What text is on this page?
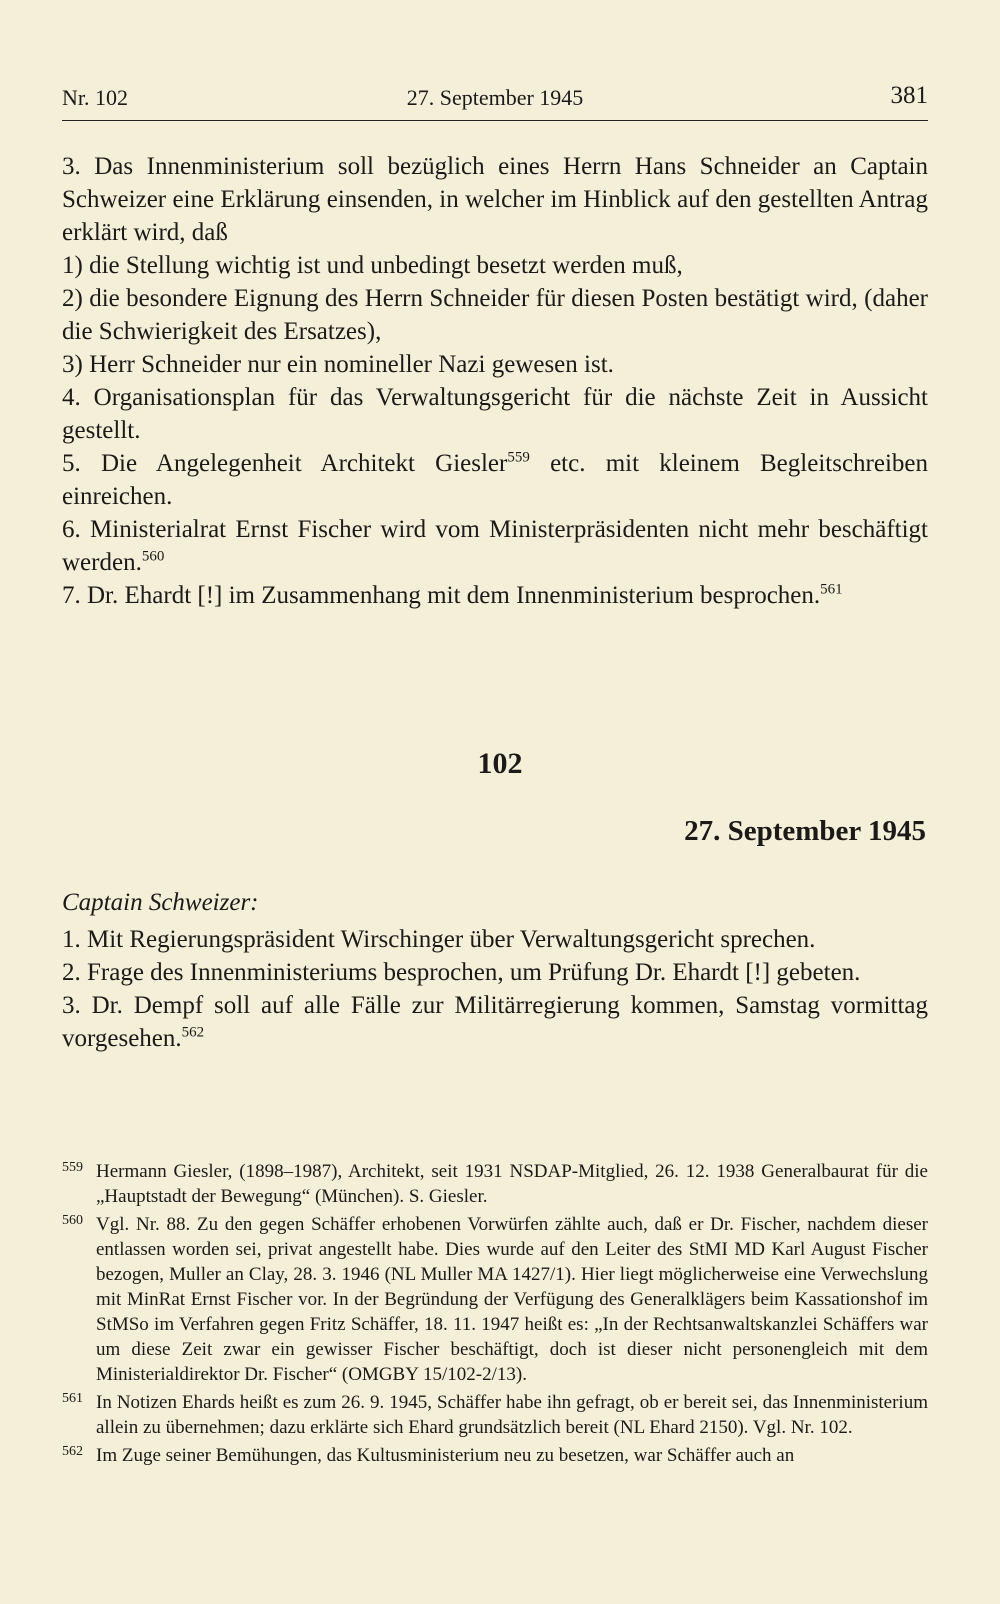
Nr. 102	27. September 1945	381

3. Das Innenministerium soll bezüglich eines Herrn Hans Schneider an Captain Schweizer eine Erklärung einsenden, in welcher im Hinblick auf den gestellten Antrag erklärt wird, daß

1) die Stellung wichtig ist und unbedingt besetzt werden muß,

2) die besondere Eignung des Herrn Schneider für diesen Posten bestätigt wird, (daher die Schwierigkeit des Ersatzes),

3) Herr Schneider nur ein nomineller Nazi gewesen ist.

4. Organisationsplan für das Verwaltungsgericht für die nächste Zeit in Aussicht gestellt.

5. Die Angelegenheit Architekt Giesler$^{559}$ etc. mit kleinem Begleitschreiben einreichen.

6. Ministerialrat Ernst Fischer wird vom Ministerpräsidenten nicht mehr beschäftigt werden.$^{560}$

7. Dr. Ehardt [!] im Zusammenhang mit dem Innenministerium besprochen.$^{561}$

102
27. September 1945

Captain Schweizer:

1. Mit Regierungspräsident Wirschinger über Verwaltungsgericht sprechen.

2. Frage des Innenministeriums besprochen, um Prüfung Dr. Ehardt [!] gebeten.

3. Dr. Dempf soll auf alle Fälle zur Militärregierung kommen, Samstag vormittag vorgesehen.$^{562}$

559 Hermann Giesler, (1898–1987), Architekt, seit 1931 NSDAP-Mitglied, 26. 12. 1938 Generalbaurat für die „Hauptstadt der Bewegung“ (München). S. Giesler.

560 Vgl. Nr. 88. Zu den gegen Schäffer erhobenen Vorwürfen zählte auch, daß er Dr. Fischer, nachdem dieser entlassen worden sei, privat angestellt habe. Dies wurde auf den Leiter des StMI MD Karl August Fischer bezogen, Muller an Clay, 28. 3. 1946 (NL Muller MA 1427/1). Hier liegt möglicherweise eine Verwechslung mit MinRat Ernst Fischer vor. In der Begründung der Verfügung des Generalklägers beim Kassationshof im StMSo im Verfahren gegen Fritz Schäffer, 18. 11. 1947 heißt es: „In der Rechtsanwaltskanzlei Schäffers war um diese Zeit zwar ein gewisser Fischer beschäftigt, doch ist dieser nicht personengleich mit dem Ministerialdirektor Dr. Fischer“ (OMGBY 15/102-2/13).

561 In Notizen Ehards heißt es zum 26. 9. 1945, Schäffer habe ihn gefragt, ob er bereit sei, das Innenministerium allein zu übernehmen; dazu erklärte sich Ehard grundsätzlich bereit (NL Ehard 2150). Vgl. Nr. 102.

562 Im Zuge seiner Bemühungen, das Kultusministerium neu zu besetzen, war Schäffer auch an
